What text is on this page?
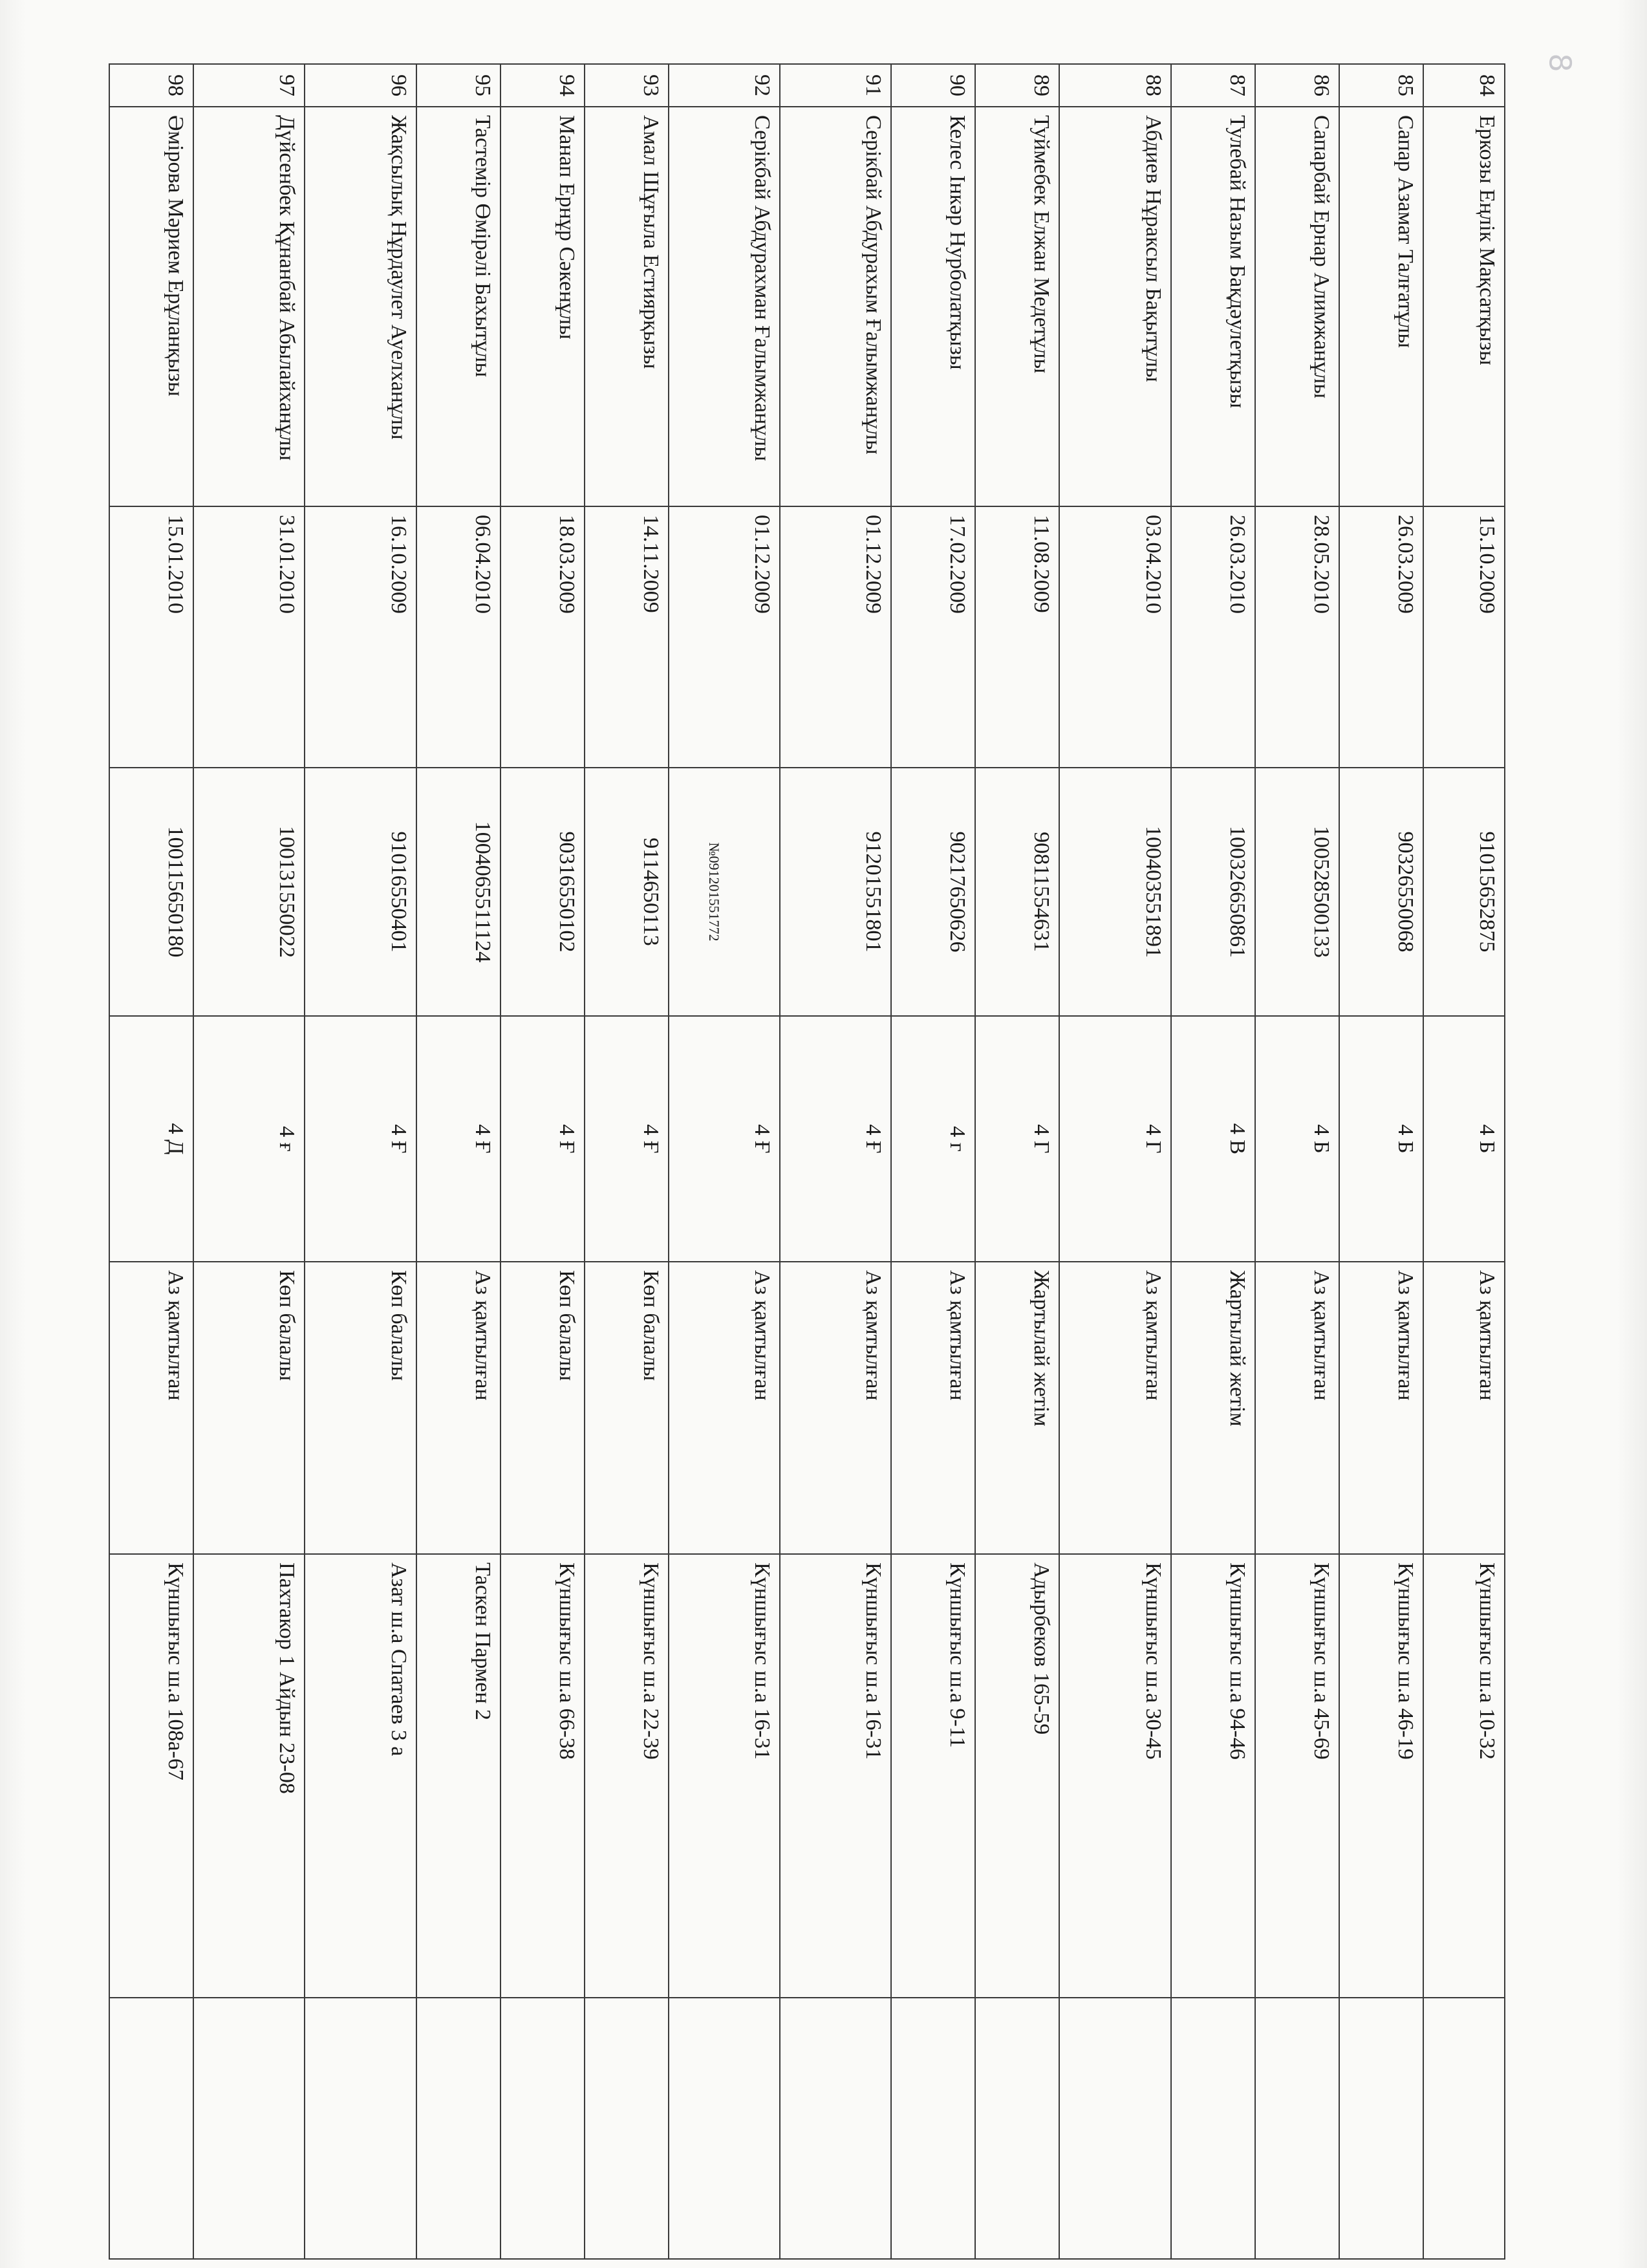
8
84	Еркозы Еңлік Мақсатқызы	15.10.2009	91015652875	4 Б	Аз қамтылған	Күншығыс ш.а 10-32	
85	Сапар Азамат Талғатұлы	26.03.2009	90326550068	4 Б	Аз қамтылған	Күншығыс ш.а 46-19	
86	Сапарбай Ернар Алимжанұлы	28.05.2010	100528500133	4 Б	Аз қамтылған	Күншығыс ш.а 45-69	
87	Тулебай Назым Бақдәулетқызы	26.03.2010	100326650861	4 В	Жартылай жетім	Күншығыс ш.а 94-46	
88	Абдиев Нұраксыл Бақытұлы	03.04.2010	100403551891	4 Г	Аз қамтылған	Күншығыс ш.а 30-45	
89	Туймебек Елжан Медетұлы	11.08.2009	90811554631	4 Г	Жартылай жетім	Адырбеков 165-59	
90	Келес Інкәр Нурболатқызы	17.02.2009	90217650626	4 г	Аз қамтылған	Күншығыс ш.а 9-11	
91	Серікбай Абдурахым Ғалымжанұлы	01.12.2009	91201551801	4 Ғ	Аз қамтылған	Күншығыс ш.а 16-31	
92	Серікбай Абдурахман Ғалымжанұлы	01.12.2009	№091201551772	4 Ғ	Аз қамтылған	Күншығыс ш.а 16-31	
93	Амал Шұғыла Естиярқызы	14.11.2009	9114650113	4 Ғ	Көп балалы	Күншығыс ш.а 22-39	
94	Манап Ернұр Сәкенұлы	18.03.2009	90316550102	4 Ғ	Көп балалы	Күншығыс ш.а 66-38	
95	Тастемір Өмірәлі Бахытұлы	06.04.2010	1004065511124	4 Ғ	Аз қамтылған	Таскен Пармен 2	
96	Жақсылық Нұрдаулет Ауелханұлы	16.10.2009	91016550401	4 Ғ	Көп балалы	Азат ш.а Спатаев 3 а	
97	Дүйсенбек Құнанбай Абылайханұлы	31.01.2010	100131550022	4 ғ	Көп балалы	Пахтакор 1 Айдын 23-08	
98	Әмірова Мәрием Ерұланқызы	15.01.2010	100115650180	4 Д	Аз қамтылған	Күншығыс ш.а 108а-67	
